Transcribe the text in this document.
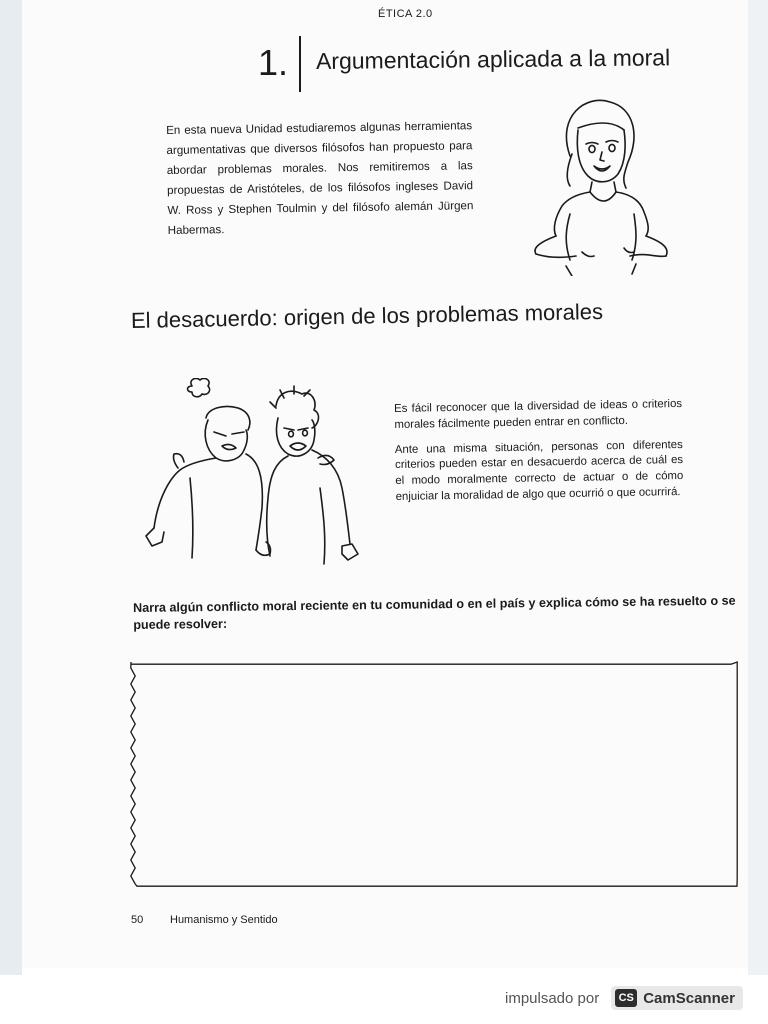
ÉTICA 2.0
1. Argumentación aplicada a la moral
En esta nueva Unidad estudiaremos algunas herramientas argumentativas que diversos filósofos han propuesto para abordar problemas morales. Nos remitiremos a las propuestas de Aristóteles, de los filósofos ingleses David W. Ross y Stephen Toulmin y del filósofo alemán Jürgen Habermas.
El desacuerdo: origen de los problemas morales

Es fácil reconocer que la diversidad de ideas o criterios morales fácilmente pueden entrar en conflicto.

Ante una misma situación, personas con diferentes criterios pueden estar en desacuerdo acerca de cuál es el modo moralmente correcto de actuar o de cómo enjuiciar la moralidad de algo que ocurrió o que ocurrirá.

Narra algún conflicto moral reciente en tu comunidad o en el país y explica cómo se ha resuelto o se puede resolver:
50 Humanismo y Sentido
impulsado por	CS CamScanner
